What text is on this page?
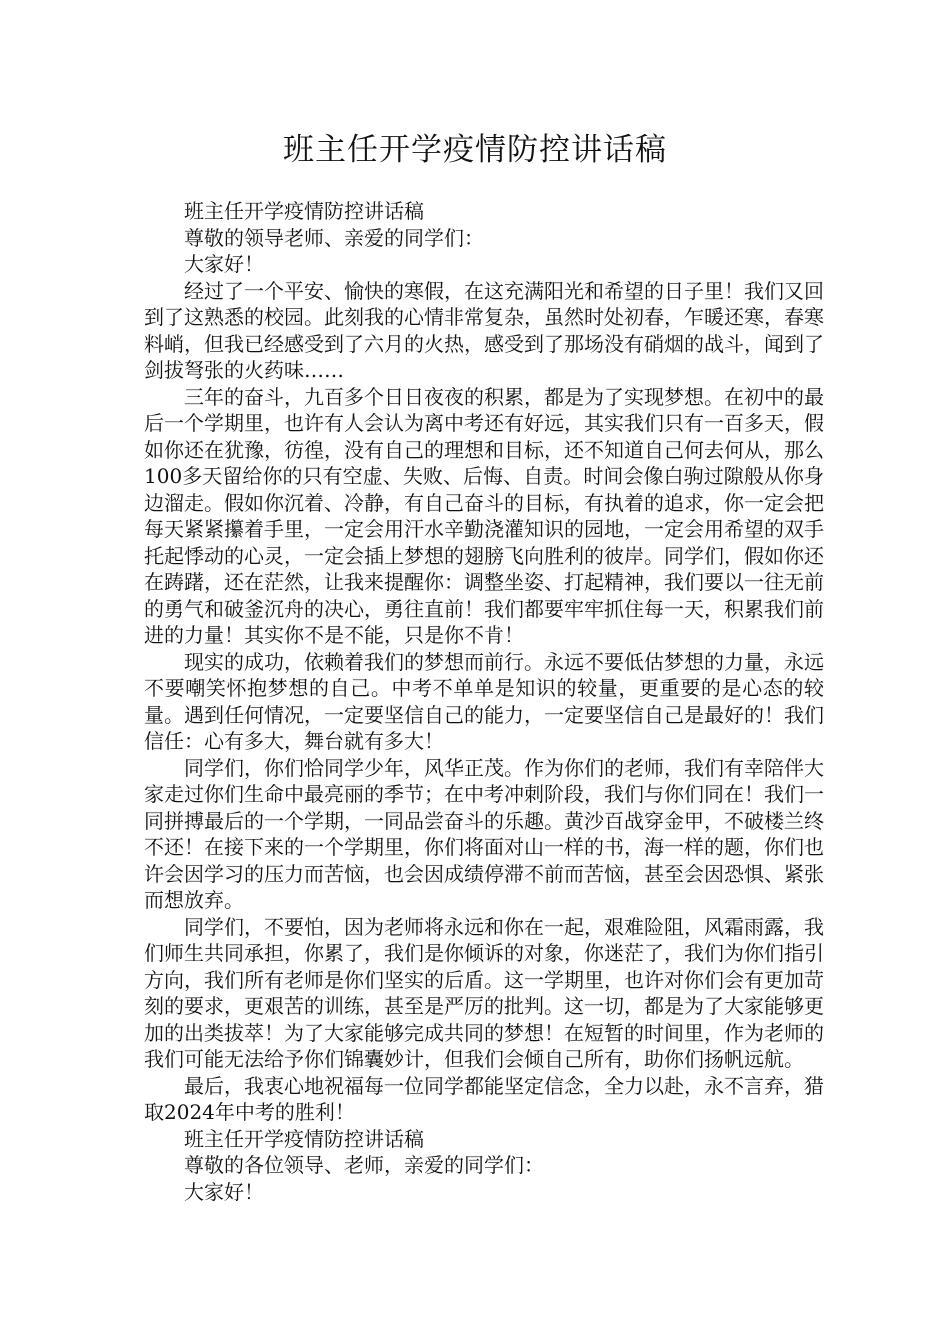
班主任开学疫情防控讲话稿

班主任开学疫情防控讲话稿

尊敬的领导老师、亲爱的同学们：

大家好！

经过了一个平安、愉快的寒假，在这充满阳光和希望的日子里！我们又回到了这熟悉的校园。此刻我的心情非常复杂，虽然时处初春，乍暖还寒，春寒料峭，但我已经感受到了六月的火热，感受到了那场没有硝烟的战斗，闻到了剑拔弩张的火药味……

三年的奋斗，九百多个日日夜夜的积累，都是为了实现梦想。在初中的最后一个学期里，也许有人会认为离中考还有好远，其实我们只有一百多天，假如你还在犹豫，彷徨，没有自己的理想和目标，还不知道自己何去何从，那么100多天留给你的只有空虚、失败、后悔、自责。时间会像白驹过隙般从你身边溜走。假如你沉着、冷静，有自己奋斗的目标，有执着的追求，你一定会把每天紧紧攥着手里，一定会用汗水辛勤浇灌知识的园地，一定会用希望的双手托起悸动的心灵，一定会插上梦想的翅膀飞向胜利的彼岸。同学们，假如你还在踌躇，还在茫然，让我来提醒你：调整坐姿、打起精神，我们要以一往无前的勇气和破釜沉舟的决心，勇往直前！我们都要牢牢抓住每一天，积累我们前进的力量！其实你不是不能，只是你不肯！

现实的成功，依赖着我们的梦想而前行。永远不要低估梦想的力量，永远不要嘲笑怀抱梦想的自己。中考不单单是知识的较量，更重要的是心态的较量。遇到任何情况，一定要坚信自己的能力，一定要坚信自己是最好的！我们信任：心有多大，舞台就有多大！

同学们，你们恰同学少年，风华正茂。作为你们的老师，我们有幸陪伴大家走过你们生命中最亮丽的季节；在中考冲刺阶段，我们与你们同在！我们一同拼搏最后的一个学期，一同品尝奋斗的乐趣。黄沙百战穿金甲，不破楼兰终不还！在接下来的一个学期里，你们将面对山一样的书，海一样的题，你们也许会因学习的压力而苦恼，也会因成绩停滞不前而苦恼，甚至会因恐惧、紧张而想放弃。

同学们，不要怕，因为老师将永远和你在一起，艰难险阻，风霜雨露，我们师生共同承担，你累了，我们是你倾诉的对象，你迷茫了，我们为你们指引方向，我们所有老师是你们坚实的后盾。这一学期里，也许对你们会有更加苛刻的要求，更艰苦的训练，甚至是严厉的批判。这一切，都是为了大家能够更加的出类拔萃！为了大家能够完成共同的梦想！在短暂的时间里，作为老师的我们可能无法给予你们锦囊妙计，但我们会倾自己所有，助你们扬帆远航。

最后，我衷心地祝福每一位同学都能坚定信念，全力以赴，永不言弃，猎取2024年中考的胜利！

班主任开学疫情防控讲话稿

尊敬的各位领导、老师，亲爱的同学们：

大家好！
